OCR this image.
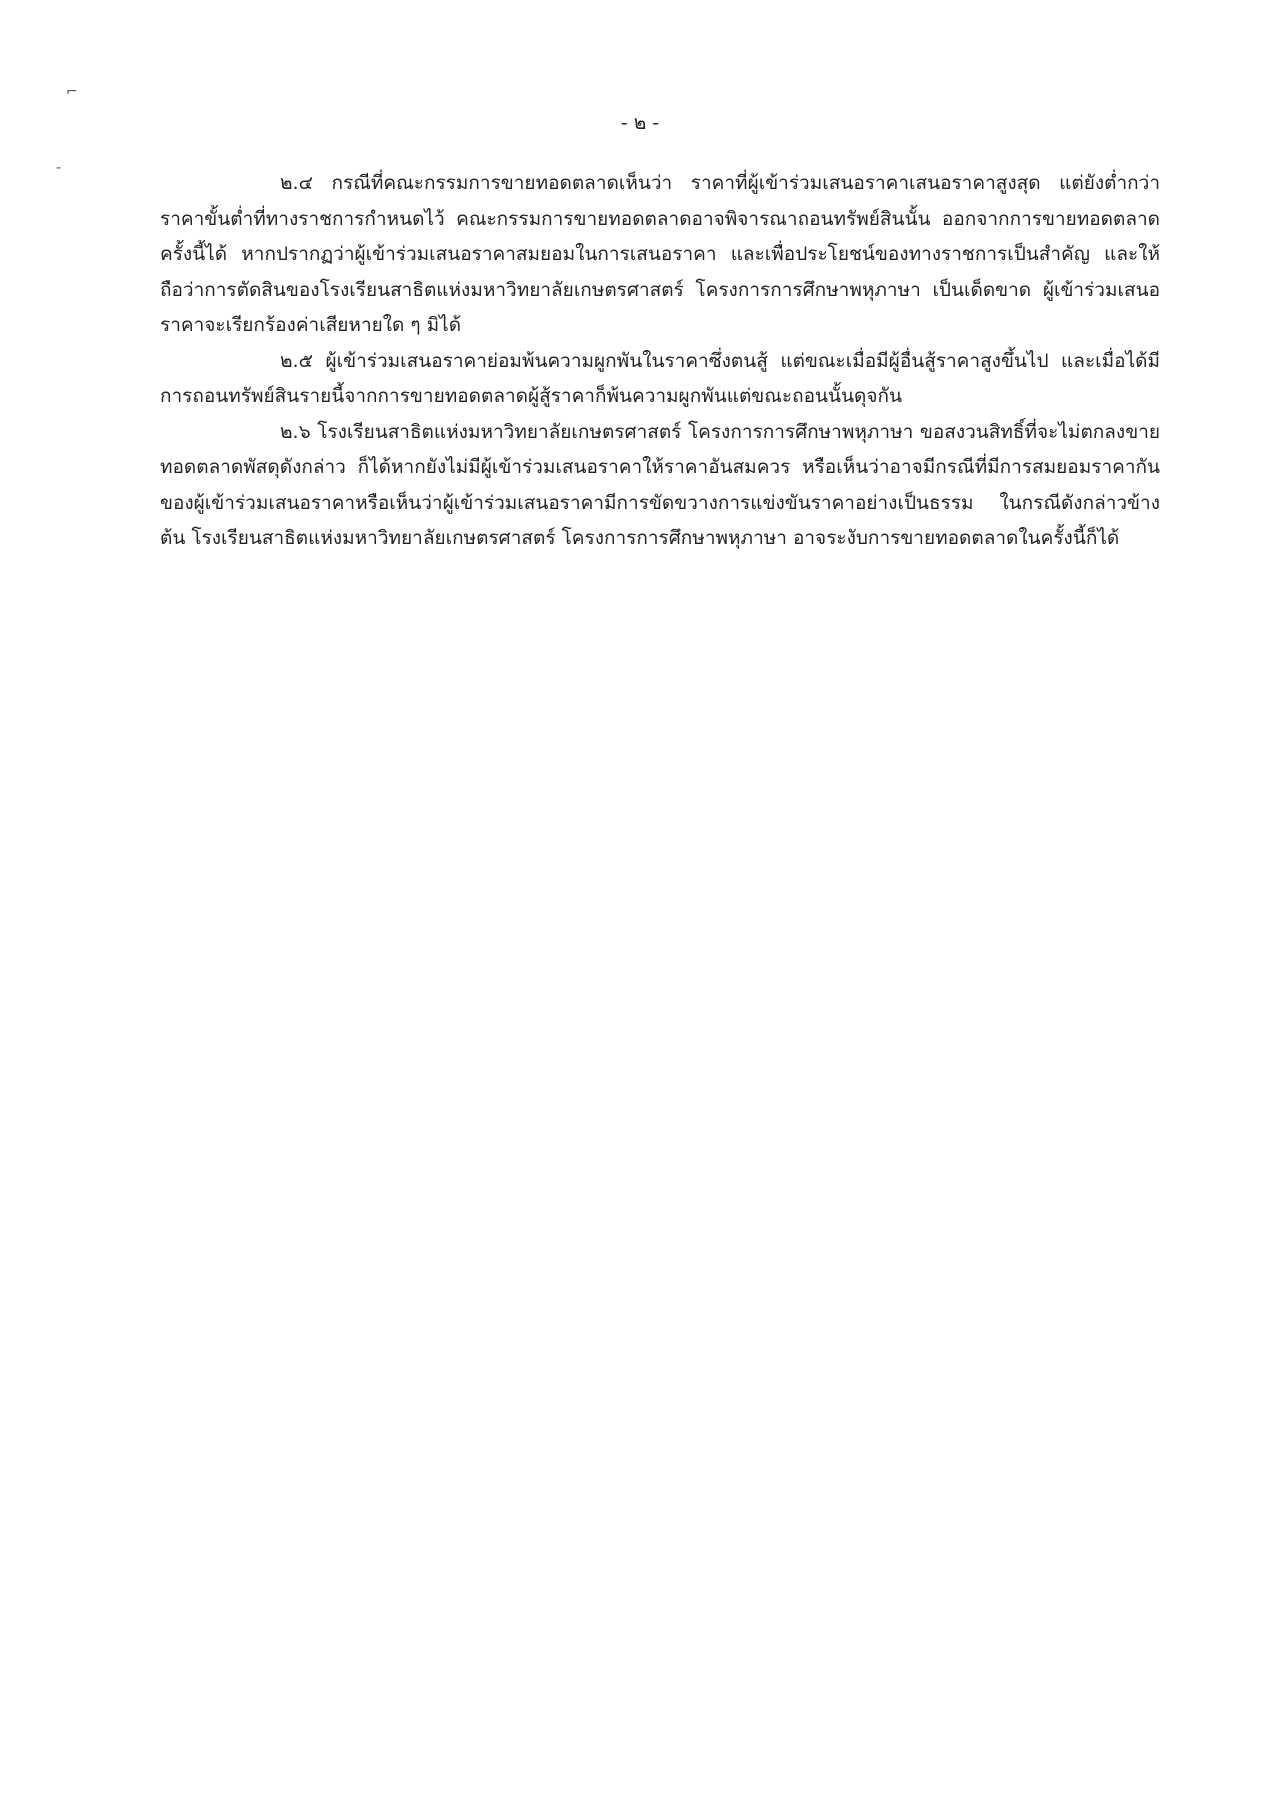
⌐
-
- ๒ -

๒.๔ กรณีที่คณะกรรมการขายทอดตลาดเห็นว่า ราคาที่ผู้เข้าร่วมเสนอราคาเสนอราคาสูงสุด แต่ยังต่ำกว่า ราคาขั้นต่ำที่ทางราชการกำหนดไว้ คณะกรรมการขายทอดตลาดอาจพิจารณาถอนทรัพย์สินนั้น ออกจากการขายทอดตลาดครั้งนี้ได้ หากปรากฏว่าผู้เข้าร่วมเสนอราคาสมยอมในการเสนอราคา และเพื่อประโยชน์ของทางราชการเป็นสำคัญ และให้ถือว่าการตัดสินของโรงเรียนสาธิตแห่งมหาวิทยาลัยเกษตรศาสตร์ โครงการการศึกษาพหุภาษา เป็นเด็ดขาด ผู้เข้าร่วมเสนอราคาจะเรียกร้องค่าเสียหายใด ๆ มิได้

๒.๕ ผู้เข้าร่วมเสนอราคาย่อมพ้นความผูกพันในราคาซึ่งตนสู้ แต่ขณะเมื่อมีผู้อื่นสู้ราคาสูงขึ้นไป และเมื่อได้มีการถอนทรัพย์สินรายนี้จากการขายทอดตลาดผู้สู้ราคาก็พ้นความผูกพันแต่ขณะถอนนั้นดุจกัน

๒.๖ โรงเรียนสาธิตแห่งมหาวิทยาลัยเกษตรศาสตร์ โครงการการศึกษาพหุภาษา ขอสงวนสิทธิ์ที่จะไม่ตกลงขายทอดตลาดพัสดุดังกล่าว ก็ได้หากยังไม่มีผู้เข้าร่วมเสนอราคาให้ราคาอันสมควร หรือเห็นว่าอาจมีกรณีที่มีการสมยอมราคากันของผู้เข้าร่วมเสนอราคาหรือเห็นว่าผู้เข้าร่วมเสนอราคามีการขัดขวางการแข่งขันราคาอย่างเป็นธรรม ในกรณีดังกล่าวข้างต้น โรงเรียนสาธิตแห่งมหาวิทยาลัยเกษตรศาสตร์ โครงการการศึกษาพหุภาษา อาจระงับการขายทอดตลาดในครั้งนี้ก็ได้
